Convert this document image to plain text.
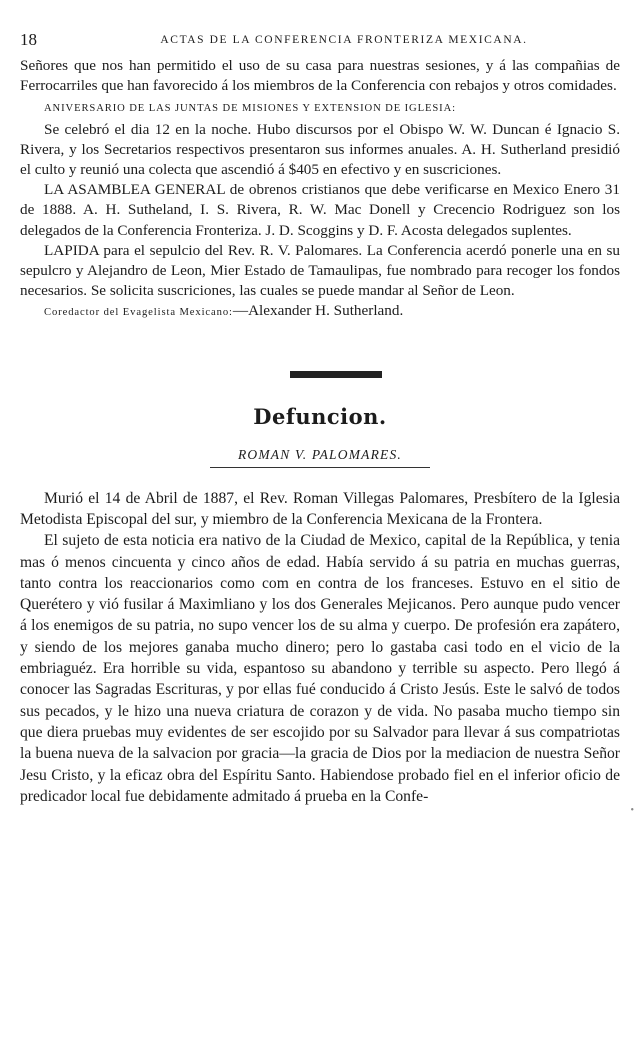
18	ACTAS DE LA CONFERENCIA FRONTERIZA MEXICANA.

Señores que nos han permitido el uso de su casa para nuestras sesiones, y á las compañias de Ferrocarriles que han favorecido á los miembros de la Conferencia con rebajos y otros comidades.

ANIVERSARIO DE LAS JUNTAS DE MISIONES Y EXTENSION DE IGLESIA:

Se celebró el dia 12 en la noche. Hubo discursos por el Obispo W. W. Duncan é Ignacio S. Rivera, y los Secretarios respectivos presentaron sus informes anuales. A. H. Sutherland presidió el culto y reunió una colecta que ascendió á $405 en efectivo y en suscriciones.

LA ASAMBLEA GENERAL de obrenos cristianos que debe verificarse en Mexico Enero 31 de 1888. A. H. Sutheland, I. S. Rivera, R. W. Mac Donell y Crecencio Rodriguez son los delegados de la Conferencia Fronteriza. J. D. Scoggins y D. F. Acosta delegados suplentes.

LAPIDA para el sepulcio del Rev. R. V. Palomares. La Conferencia acerdó ponerle una en su sepulcro y Alejandro de Leon, Mier Estado de Tamaulipas, fue nombrado para recoger los fondos necesarios. Se solicita suscriciones, las cuales se puede mandar al Señor de Leon.

Coredactor del Evagelista Mexicano:—Alexander H. Sutherland.

Defuncion.
ROMAN V. PALOMARES.

Murió el 14 de Abril de 1887, el Rev. Roman Villegas Palomares, Presbítero de la Iglesia Metodista Episcopal del sur, y miembro de la Conferencia Mexicana de la Frontera.

El sujeto de esta noticia era nativo de la Ciudad de Mexico, capital de la República, y tenia mas ó menos cincuenta y cinco años de edad. Había servido á su patria en muchas guerras, tanto contra los reaccionarios como com en contra de los franceses. Estuvo en el sitio de Querétero y vió fusilar á Maximliano y los dos Generales Mejicanos. Pero aunque pudo vencer á los enemigos de su patria, no supo vencer los de su alma y cuerpo. De profesión era zapátero, y siendo de los mejores ganaba mucho dinero; pero lo gastaba casi todo en el vicio de la embriaguéz. Era horrible su vida, espantoso su abandono y terrible su aspecto. Pero llegó á conocer las Sagradas Escrituras, y por ellas fué conducido á Cristo Jesús. Este le salvó de todos sus pecados, y le hizo una nueva criatura de corazon y de vida. No pasaba mucho tiempo sin que diera pruebas muy evidentes de ser escojido por su Salvador para llevar á sus compatriotas la buena nueva de la salvacion por gracia—la gracia de Dios por la mediacion de nuestra Señor Jesu Cristo, y la eficaz obra del Espíritu Santo. Habiendose probado fiel en el inferior oficio de predicador local fue debidamente admitado á prueba en la Confe-

•
